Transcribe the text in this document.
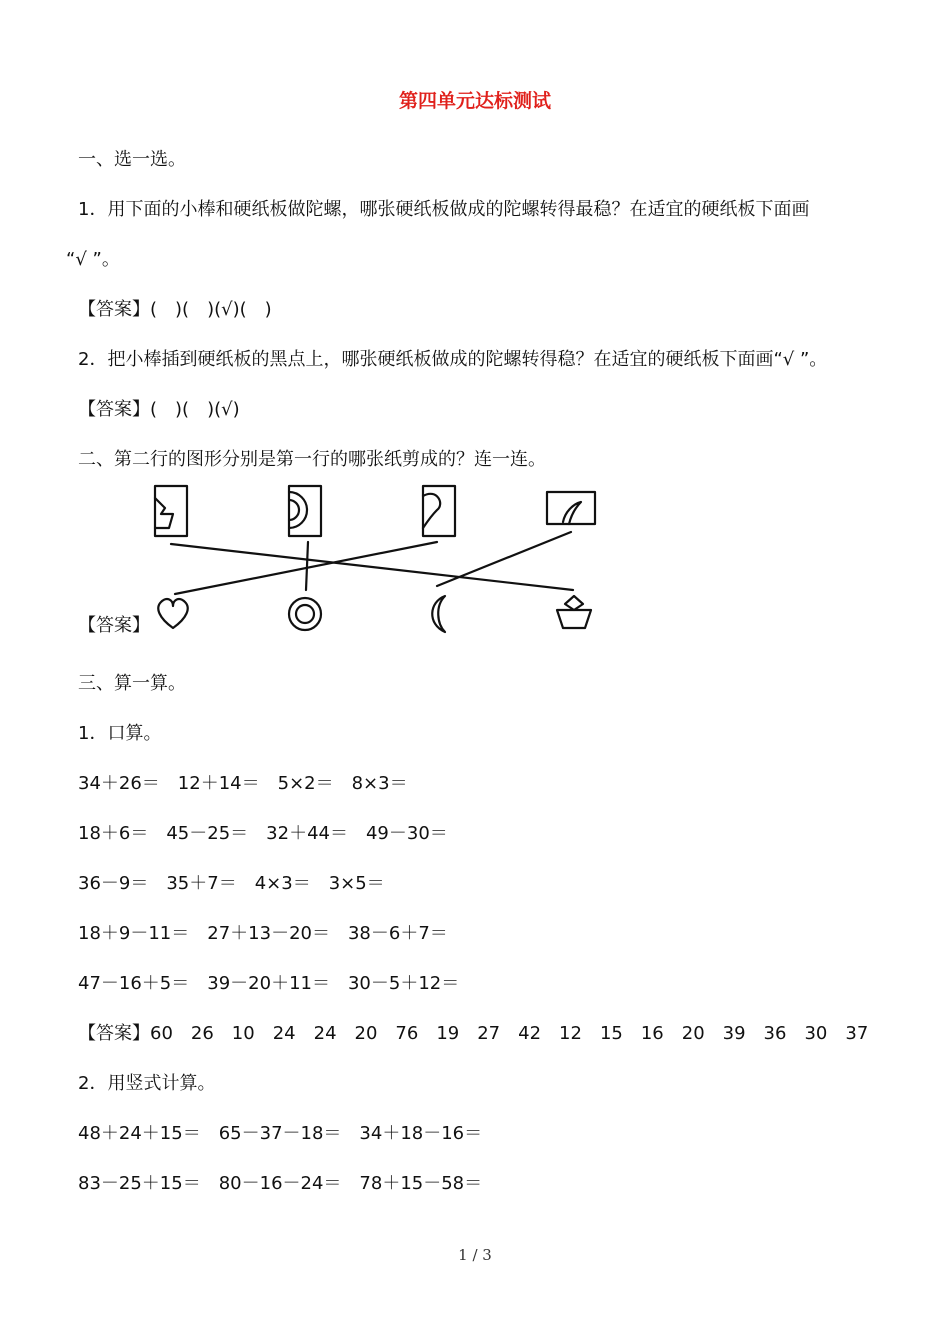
第四单元达标测试
一、选一选。
1．用下面的小棒和硬纸板做陀螺，哪张硬纸板做成的陀螺转得最稳？在适宜的硬纸板下面画
“√ ”。
【答案】(　)(　)(√)(　)
2．把小棒插到硬纸板的黑点上，哪张硬纸板做成的陀螺转得稳？在适宜的硬纸板下面画“√ ”。
【答案】(　)(　)(√)
二、第二行的图形分别是第一行的哪张纸剪成的？连一连。
【答案】
三、算一算。
1．口算。
34＋26＝　12＋14＝　5×2＝　8×3＝
18＋6＝　45－25＝　32＋44＝　49－30＝
36－9＝　35＋7＝　4×3＝　3×5＝
18＋9－11＝　27＋13－20＝　38－6＋7＝
47－16＋5＝　39－20＋11＝　30－5＋12＝
【答案】60　26　10　24　24　20　76　19　27　42　12　15　16　20　39　36　30　37
2．用竖式计算。
48＋24＋15＝　65－37－18＝　34＋18－16＝
83－25＋15＝　80－16－24＝　78＋15－58＝
1 / 3
